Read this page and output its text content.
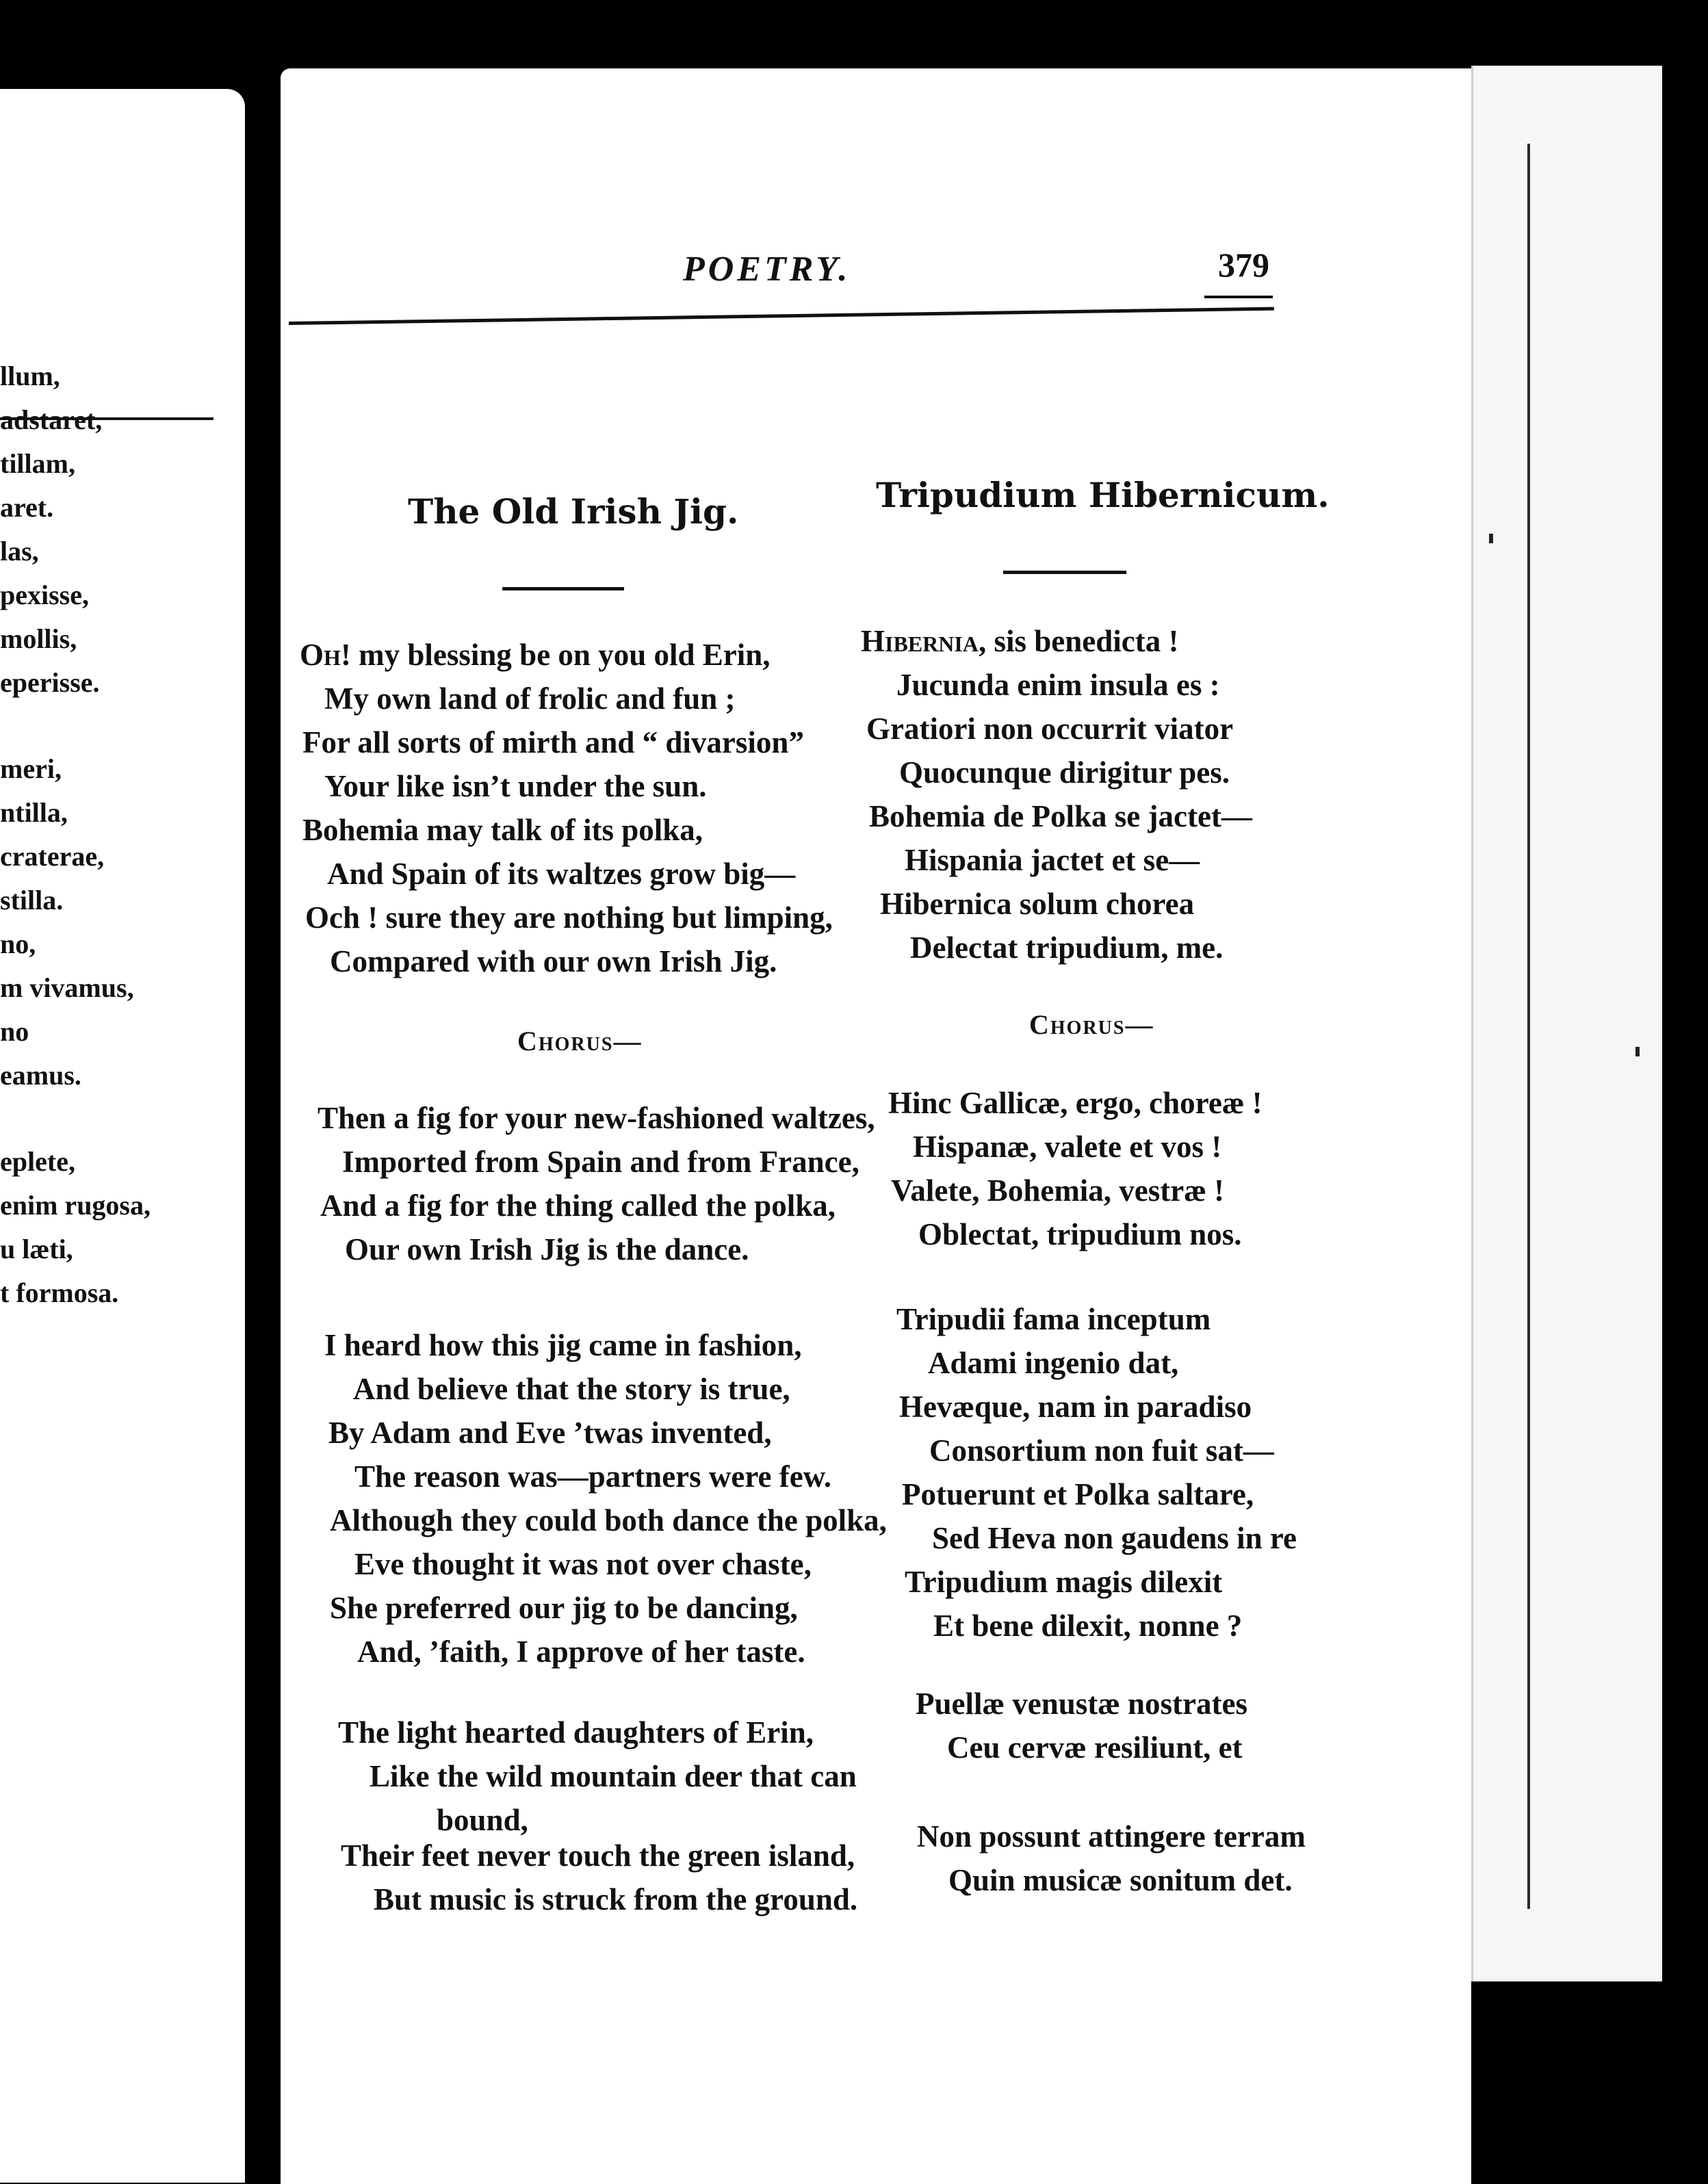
llum,
adstaret,
tillam,
aret.
las,
pexisse,
mollis,
eperisse.
meri,
ntilla,
craterae,
stilla.
no,
m vivamus,
no
eamus.
eplete,
enim rugosa,
u læti,
t formosa.
POETRY.	379
The Old Irish Jig.
Oh! my blessing be on you old Erin,
My own land of frolic and fun ;
For all sorts of mirth and “ divarsion”
Your like isn’t under the sun.
Bohemia may talk of its polka,
And Spain of its waltzes grow big—
Och ! sure they are nothing but limping,
Compared with our own Irish Jig.
Chorus—
Then a fig for your new-fashioned waltzes,
Imported from Spain and from France,
And a fig for the thing called the polka,
Our own Irish Jig is the dance.
I heard how this jig came in fashion,
And believe that the story is true,
By Adam and Eve ’twas invented,
The reason was—partners were few.
Although they could both dance the polka,
Eve thought it was not over chaste,
She preferred our jig to be dancing,
And, ’faith, I approve of her taste.
The light hearted daughters of Erin,
Like the wild mountain deer that can
bound,
Their feet never touch the green island,
But music is struck from the ground.
Tripudium Hibernicum.
Hibernia, sis benedicta !
Jucunda enim insula es :
Gratiori non occurrit viator
Quocunque dirigitur pes.
Bohemia de Polka se jactet—
Hispania jactet et se—
Hibernica solum chorea
Delectat tripudium, me.
Chorus—
Hinc Gallicæ, ergo, choreæ !
Hispanæ, valete et vos !
Valete, Bohemia, vestræ !
Oblectat, tripudium nos.
Tripudii fama inceptum
Adami ingenio dat,
Hevæque, nam in paradiso
Consortium non fuit sat—
Potuerunt et Polka saltare,
Sed Heva non gaudens in re
Tripudium magis dilexit
Et bene dilexit, nonne ?
Puellæ venustæ nostrates
Ceu cervæ resiliunt, et
Non possunt attingere terram
Quin musicæ sonitum det.
